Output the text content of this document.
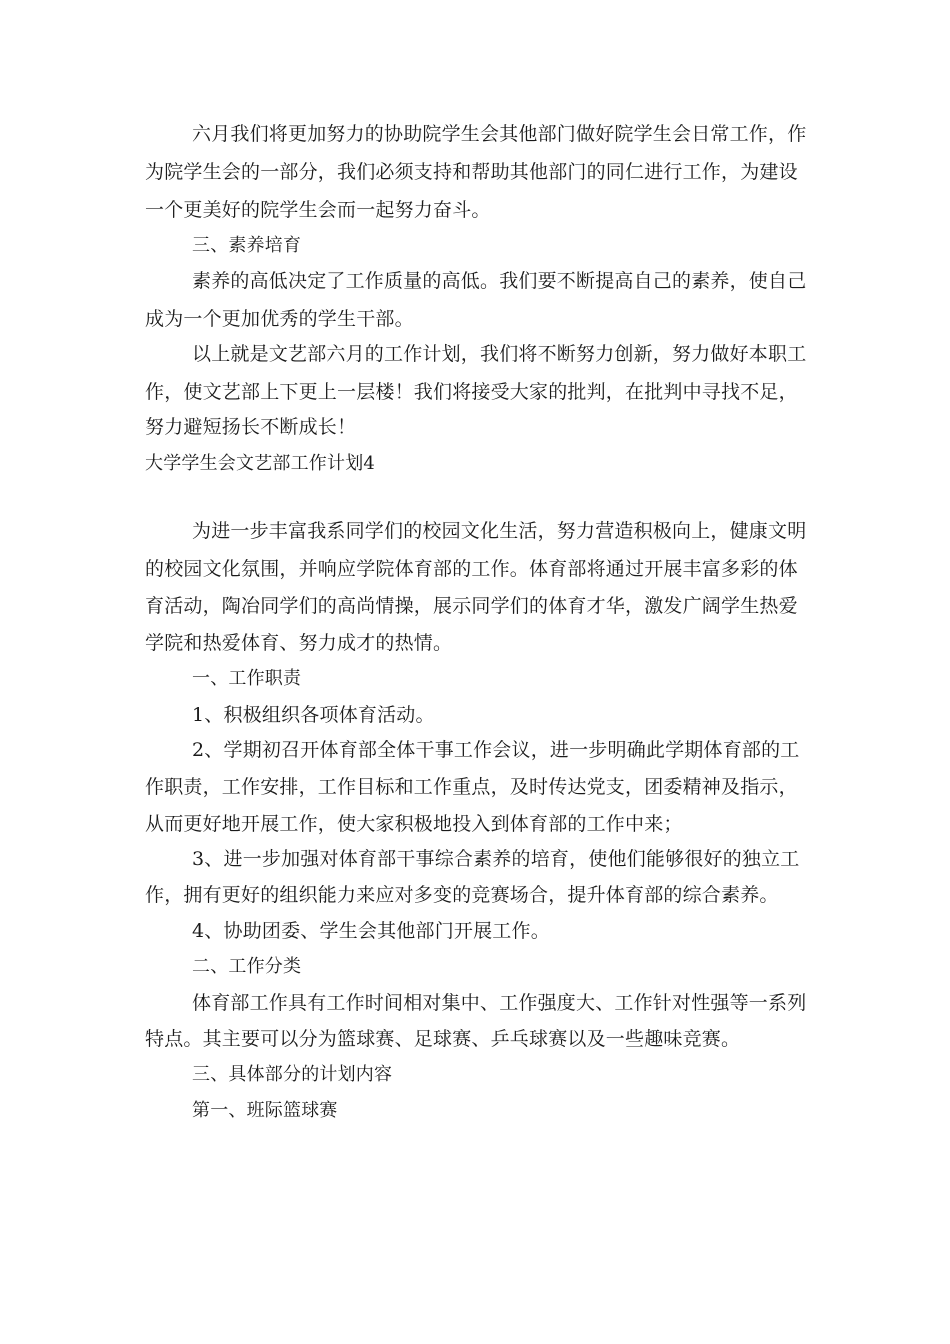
六月我们将更加努力的协助院学生会其他部门做好院学生会日常工作，作
为院学生会的一部分，我们必须支持和帮助其他部门的同仁进行工作，为建设
一个更美好的院学生会而一起努力奋斗。
三、素养培育
素养的高低决定了工作质量的高低。我们要不断提高自己的素养，使自己
成为一个更加优秀的学生干部。
以上就是文艺部六月的工作计划，我们将不断努力创新，努力做好本职工
作，使文艺部上下更上一层楼！我们将接受大家的批判，在批判中寻找不足，
努力避短扬长不断成长！
大学学生会文艺部工作计划4
为进一步丰富我系同学们的校园文化生活，努力营造积极向上，健康文明
的校园文化氛围，并响应学院体育部的工作。体育部将通过开展丰富多彩的体
育活动，陶冶同学们的高尚情操，展示同学们的体育才华，激发广阔学生热爱
学院和热爱体育、努力成才的热情。
一、工作职责
1、积极组织各项体育活动。
2、学期初召开体育部全体干事工作会议，进一步明确此学期体育部的工
作职责，工作安排，工作目标和工作重点，及时传达党支，团委精神及指示，
从而更好地开展工作，使大家积极地投入到体育部的工作中来；
3、进一步加强对体育部干事综合素养的培育，使他们能够很好的独立工
作，拥有更好的组织能力来应对多变的竞赛场合，提升体育部的综合素养。
4、协助团委、学生会其他部门开展工作。
二、工作分类
体育部工作具有工作时间相对集中、工作强度大、工作针对性强等一系列
特点。其主要可以分为篮球赛、足球赛、乒乓球赛以及一些趣味竞赛。
三、具体部分的计划内容
第一、班际篮球赛
